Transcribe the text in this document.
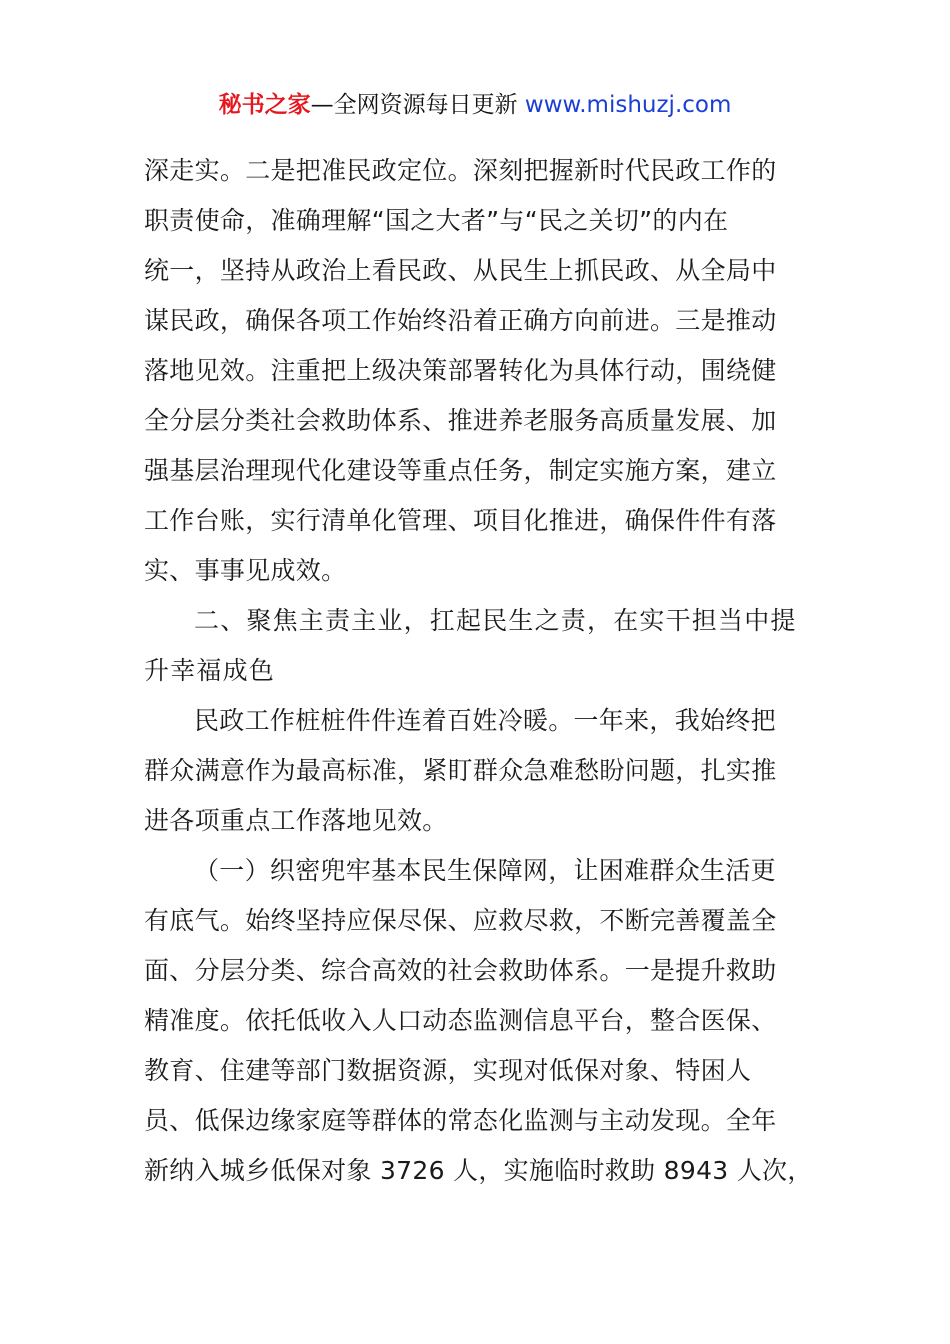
秘书之家—全网资源每日更新 www.mishuzj.com
深走实。二是把准民政定位。深刻把握新时代民政工作的
职责使命，准确理解“国之大者”与“民之关切”的内在
统一，坚持从政治上看民政、从民生上抓民政、从全局中
谋民政，确保各项工作始终沿着正确方向前进。三是推动
落地见效。注重把上级决策部署转化为具体行动，围绕健
全分层分类社会救助体系、推进养老服务高质量发展、加
强基层治理现代化建设等重点任务，制定实施方案，建立
工作台账，实行清单化管理、项目化推进，确保件件有落
实、事事见成效。
二、聚焦主责主业，扛起民生之责，在实干担当中提
升幸福成色
民政工作桩桩件件连着百姓冷暖。一年来，我始终把
群众满意作为最高标准，紧盯群众急难愁盼问题，扎实推
进各项重点工作落地见效。
（一）织密兜牢基本民生保障网，让困难群众生活更
有底气。始终坚持应保尽保、应救尽救，不断完善覆盖全
面、分层分类、综合高效的社会救助体系。一是提升救助
精准度。依托低收入人口动态监测信息平台，整合医保、
教育、住建等部门数据资源，实现对低保对象、特困人
员、低保边缘家庭等群体的常态化监测与主动发现。全年
新纳入城乡低保对象 3726 人，实施临时救助 8943 人次，
